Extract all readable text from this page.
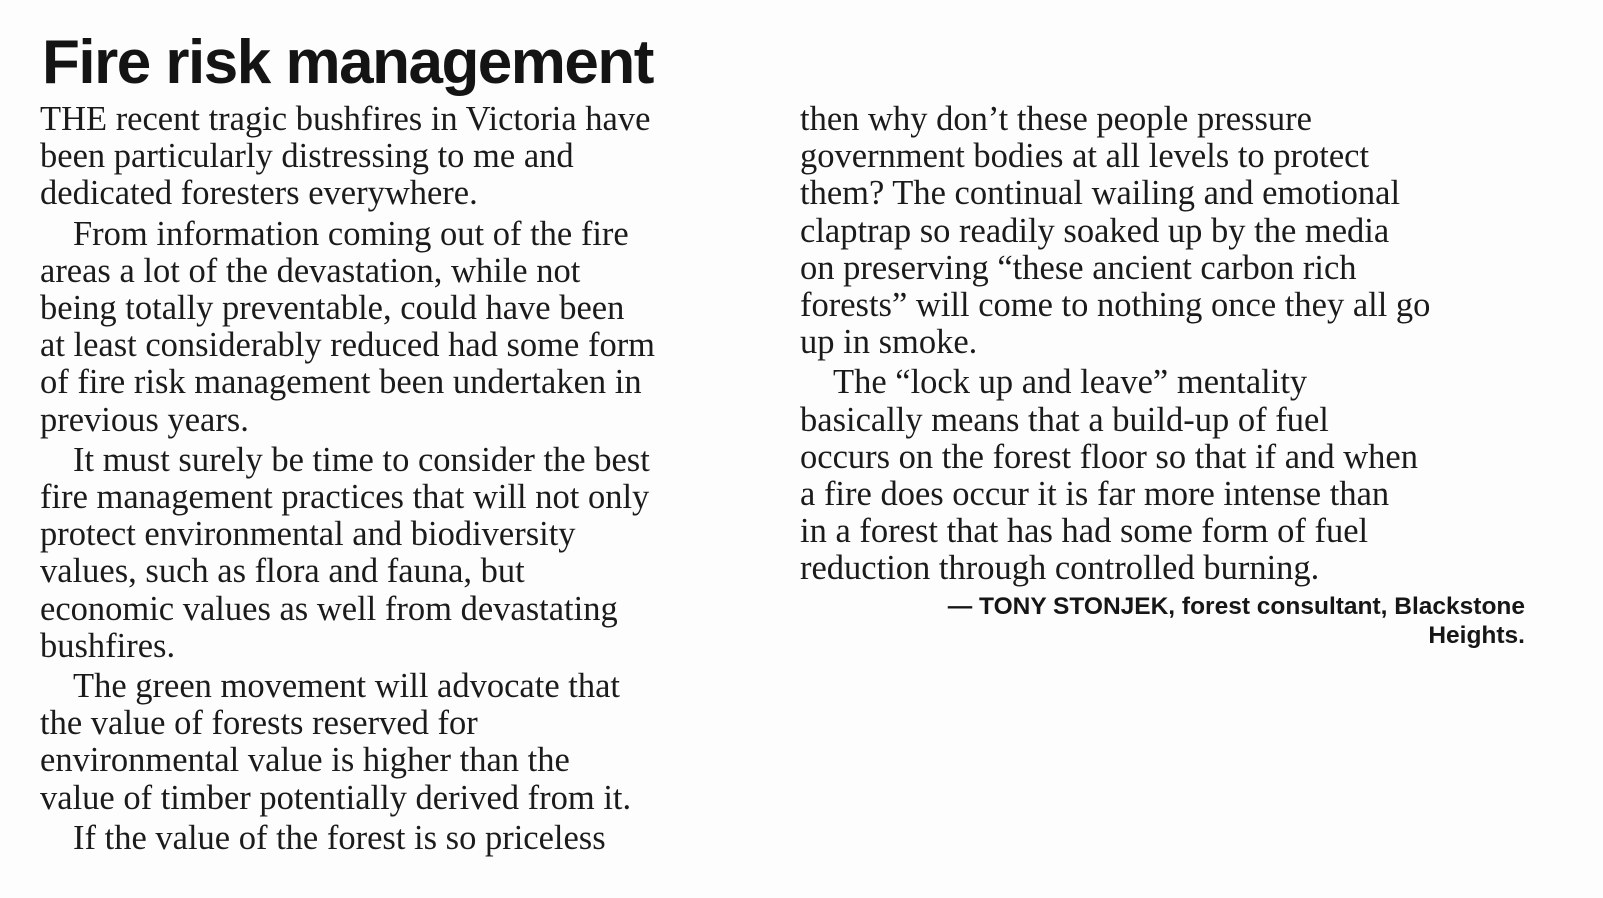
Fire risk management

THE recent tragic bushfires in Victoria have
been particularly distressing to me and
dedicated foresters everywhere.

From information coming out of the fire
areas a lot of the devastation, while not
being totally preventable, could have been
at least considerably reduced had some form
of fire risk management been undertaken in
previous years.

It must surely be time to consider the best
fire management practices that will not only
protect environmental and biodiversity
values, such as flora and fauna, but
economic values as well from devastating
bushfires.

The green movement will advocate that
the value of forests reserved for
environmental value is higher than the
value of timber potentially derived from it.

If the value of the forest is so priceless

then why don’t these people pressure
government bodies at all levels to protect
them? The continual wailing and emotional
claptrap so readily soaked up by the media
on preserving “these ancient carbon rich
forests” will come to nothing once they all go
up in smoke.

The “lock up and leave” mentality
basically means that a build-up of fuel
occurs on the forest floor so that if and when
a fire does occur it is far more intense than
in a forest that has had some form of fuel
reduction through controlled burning.

— TONY STONJEK, forest consultant, Blackstone
Heights.
